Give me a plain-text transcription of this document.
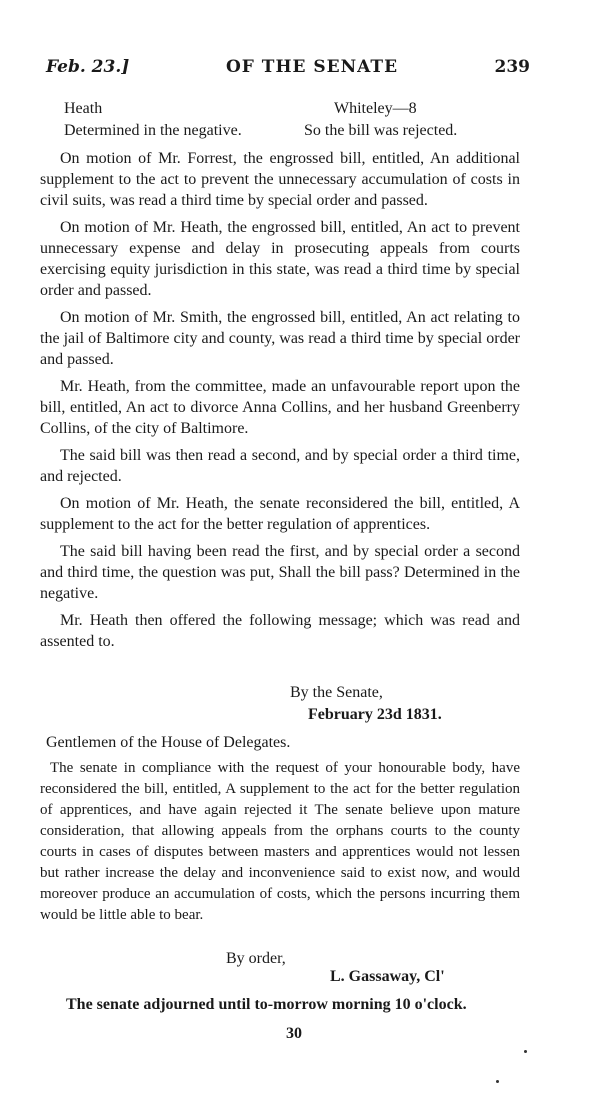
Feb. 23.]	OF THE SENATE	239
Heath	Whiteley—8
Determined in the negative.	So the bill was rejected.

On motion of Mr. Forrest, the engrossed bill, entitled, An additional supplement to the act to prevent the unnecessary accumulation of costs in civil suits, was read a third time by special order and passed.

On motion of Mr. Heath, the engrossed bill, entitled, An act to prevent unnecessary expense and delay in prosecuting appeals from courts exercising equity jurisdiction in this state, was read a third time by special order and passed.

On motion of Mr. Smith, the engrossed bill, entitled, An act relating to the jail of Baltimore city and county, was read a third time by special order and passed.

Mr. Heath, from the committee, made an unfavourable report upon the bill, entitled, An act to divorce Anna Collins, and her husband Greenberry Collins, of the city of Baltimore.

The said bill was then read a second, and by special order a third time, and rejected.

On motion of Mr. Heath, the senate reconsidered the bill, entitled, A supplement to the act for the better regulation of apprentices.

The said bill having been read the first, and by special order a second and third time, the question was put, Shall the bill pass? Determined in the negative.

Mr. Heath then offered the following message; which was read and assented to.

By the Senate,
February 23d 1831.
Gentlemen of the House of Delegates.

The senate in compliance with the request of your honourable body, have reconsidered the bill, entitled, A supplement to the act for the better regulation of apprentices, and have again rejected it The senate believe upon mature consideration, that allowing appeals from the orphans courts to the county courts in cases of disputes between masters and apprentices would not lessen but rather increase the delay and inconvenience said to exist now, and would moreover produce an accumulation of costs, which the persons incurring them would be little able to bear.

By order,
L. Gassaway, Cl'
The senate adjourned until to-morrow morning 10 o'clock.
30
